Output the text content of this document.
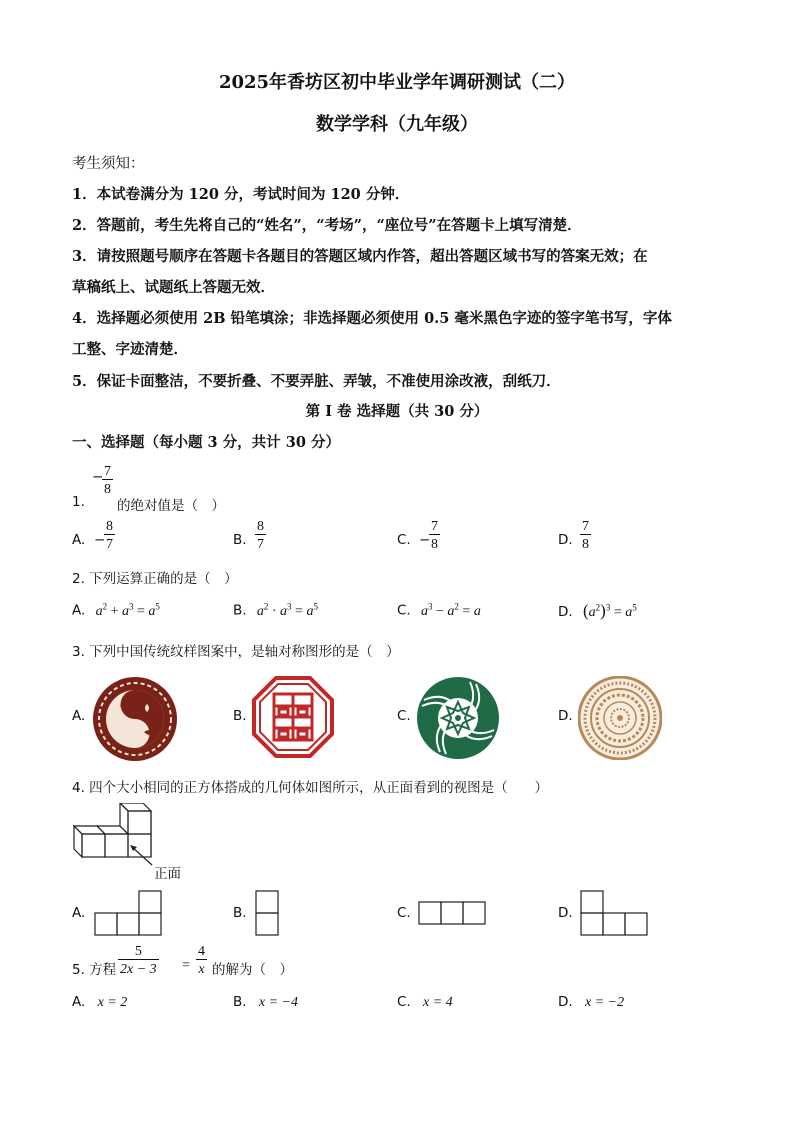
2025年香坊区初中毕业学年调研测试（二）
数学学科（九年级）
考生须知：
1．本试卷满分为 120 分，考试时间为 120 分钟．
2．答题前，考生先将自己的“姓名”，“考场”，“座位号”在答题卡上填写清楚．
3．请按照题号顺序在答题卡各题目的答题区域内作答，超出答题区域书写的答案无效；在
草稿纸上、试题纸上答题无效．
4．选择题必须使用 2B 铅笔填涂；非选择题必须使用 0.5 毫米黑色字迹的签字笔书写，字体
工整、字迹清楚．
5．保证卡面整洁，不要折叠、不要弄脏、弄皱，不准使用涂改液，刮纸刀．
第 I 卷 选择题（共 30 分）
一、选择题（每小题 3 分，共计 30 分）
1.
−
$\frac{7}{8}$
的绝对值是（　）
A. −
$\frac{8}{7}$	B. $\frac{8}{7}$	C. −
$\frac{7}{8}$	D. $\frac{7}{8}$
2. 下列运算正确的是（　）
A. $a^2 + a^3 = a^5$	B. $a^2 \cdot a^3 = a^5$	C. $a^3 - a^2 = a$	D. $(a^2)^3 = a^5$
3. 下列中国传统纹样图案中，是轴对称图形的是（　）
A.	B.	C.	D.
4. 四个大小相同的正方体搭成的几何体如图所示，从正面看到的视图是（　　）
正面
A.	B.	C.	D.
5. 方程 $\frac{5}{2x - 3} = \frac{4}{x}$ 的解为（　）
A. x = 2	B. x = −4	C. x = 4	D. x = −2
